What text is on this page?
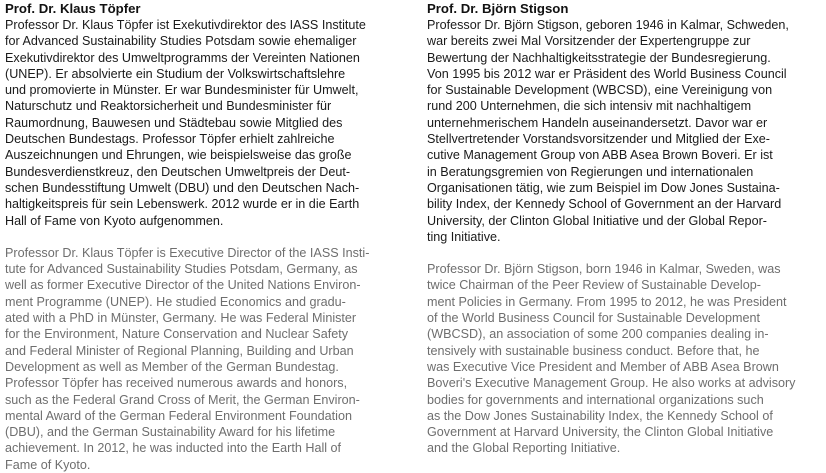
Prof. Dr. Klaus Töpfer

Professor Dr. Klaus Töpfer ist Exekutivdirektor des IASS Institute
for Advanced Sustainability Studies Potsdam sowie ehemaliger
Exekutivdirektor des Umweltprogramms der Vereinten Nationen
(UNEP). Er absolvierte ein Studium der Volkswirtschaftslehre
und promovierte in Münster. Er war Bundesminister für Umwelt,
Naturschutz und Reaktorsicherheit und Bundesminister für
Raumordnung, Bauwesen und Städtebau sowie Mitglied des
Deutschen Bundestags. Professor Töpfer erhielt zahlreiche
Auszeichnungen und Ehrungen, wie beispielsweise das große
Bundesverdienstkreuz, den Deutschen Umweltpreis der Deut-
schen Bundesstiftung Umwelt (DBU) und den Deutschen Nach-
haltigkeitspreis für sein Lebenswerk. 2012 wurde er in die Earth
Hall of Fame von Kyoto aufgenommen.

Professor Dr. Klaus Töpfer is Executive Director of the IASS Insti-
tute for Advanced Sustainability Studies Potsdam, Germany, as
well as former Executive Director of the United Nations Environ-
ment Programme (UNEP). He studied Economics and gradu-
ated with a PhD in Münster, Germany. He was Federal Minister
for the Environment, Nature Conservation and Nuclear Safety
and Federal Minister of Regional Planning, Building and Urban
Development as well as Member of the German Bundestag.
Professor Töpfer has received numerous awards and honors,
such as the Federal Grand Cross of Merit, the German Environ-
mental Award of the German Federal Environment Foundation
(DBU), and the German Sustainability Award for his lifetime
achievement. In 2012, he was inducted into the Earth Hall of
Fame of Kyoto.

Prof. Dr. Björn Stigson

Professor Dr. Björn Stigson, geboren 1946 in Kalmar, Schweden,
war bereits zwei Mal Vorsitzender der Expertengruppe zur
Bewertung der Nachhaltigkeitsstrategie der Bundesregierung.
Von 1995 bis 2012 war er Präsident des World Business Council
for Sustainable Development (WBCSD), eine Vereinigung von
rund 200 Unternehmen, die sich intensiv mit nachhaltigem
unternehmerischem Handeln auseinandersetzt. Davor war er
Stellvertretender Vorstandsvorsitzender und Mitglied der Exe-
cutive Management Group von ABB Asea Brown Boveri. Er ist
in Beratungsgremien von Regierungen und internationalen
Organisationen tätig, wie zum Beispiel im Dow Jones Sustaina-
bility Index, der Kennedy School of Government an der Harvard
University, der Clinton Global Initiative und der Global Repor-
ting Initiative.

Professor Dr. Björn Stigson, born 1946 in Kalmar, Sweden, was
twice Chairman of the Peer Review of Sustainable Develop-
ment Policies in Germany. From 1995 to 2012, he was President
of the World Business Council for Sustainable Development
(WBCSD), an association of some 200 companies dealing in-
tensively with sustainable business conduct. Before that, he
was Executive Vice President and Member of ABB Asea Brown
Boveri's Executive Management Group. He also works at advisory
bodies for governments and international organizations such
as the Dow Jones Sustainability Index, the Kennedy School of
Government at Harvard University, the Clinton Global Initiative
and the Global Reporting Initiative.
